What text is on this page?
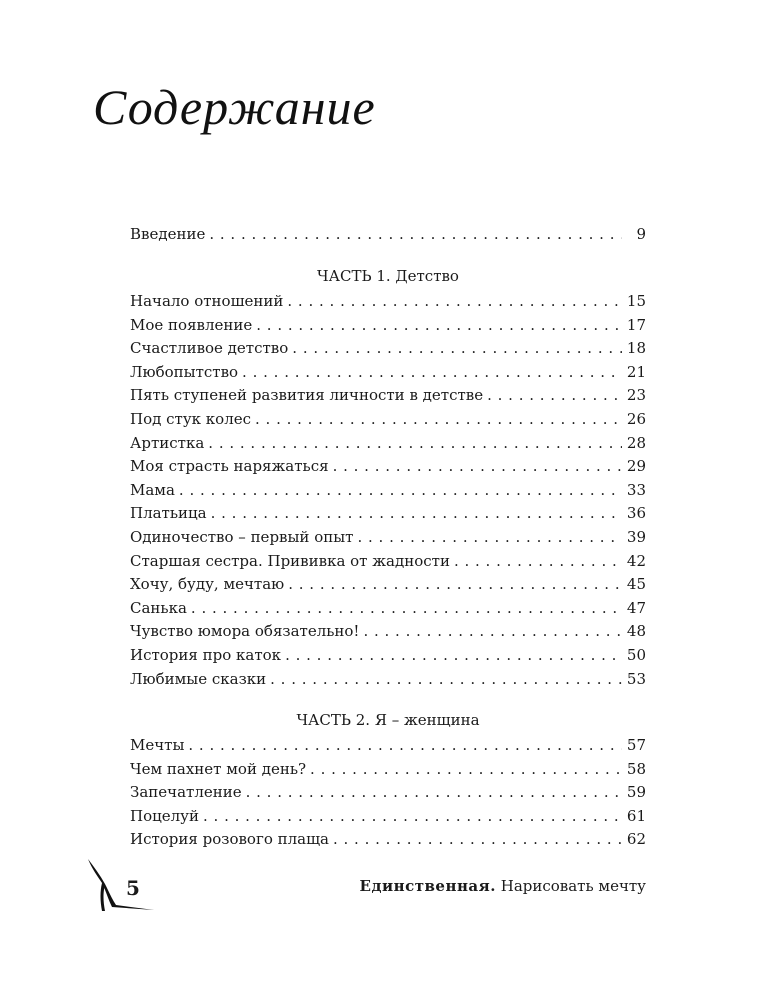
Содержание
Введение . . .	9
ЧАСТЬ 1. Детство
Начало отношений . . .	15
Мое появление . . .	17
Счастливое детство . . .	18
Любопытство . . .	21
Пять ступеней развития личности в детстве . . .	23
Под стук колес . . .	26
Артистка . . .	28
Моя страсть наряжаться . . .	29
Мама . . .	33
Платьица . . .	36
Одиночество – первый опыт . . .	39
Старшая сестра. Прививка от жадности . . .	42
Хочу, буду, мечтаю . . .	45
Санька . . .	47
Чувство юмора обязательно! . . .	48
История про каток . . .	50
Любимые сказки . . .	53
ЧАСТЬ 2. Я – женщина
Мечты . . .	57
Чем пахнет мой день? . . .	58
Запечатление . . .	59
Поцелуй . . .	61
История розового плаща . . .	62
5	Единственная. Нарисовать мечту
